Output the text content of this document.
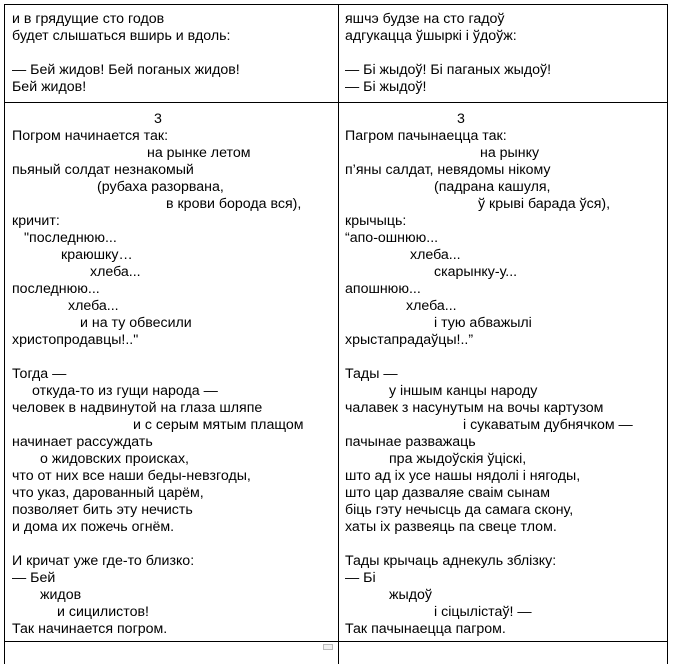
и в грядущие сто годов
будет слышаться вширь и вдоль:
— Бей жидов! Бей поганых жидов!
Бей жидов!
яшчэ будзе на сто гадоў
адгукацца ўшыркі і ўдоўж:
— Бі жыдоў! Бі паганых жыдоў!
— Бі жыдоў!
3
Погром начинается так:
на рынке летом
пьяный солдат незнакомый
(рубаха разорвана,
в крови борода вся),
кричит:
"последнюю...
краюшку…
хлеба...
последнюю...
хлеба...
и на ту обвесили
христопродавцы!.."
Тогда —
откуда-то из гущи народа —
человек в надвинутой на глаза шляпе
и с серым мятым плащом
начинает рассуждать
о жидовских происках,
что от них все наши беды-невзгоды,
что указ, дарованный царём,
позволяет бить эту нечисть
и дома их пожечь огнём.
И кричат уже где-то близко:
— Бей
жидов
и сицилистов!
Так начинается погром.
3
Пагром пачынаецца так:
на рынку
п’яны салдат, невядомы нікому
(падрана кашуля,
ў крыві барада ўся),
крычыць:
“апо-ошнюю...
хлеба...
скарынку-у...
апошнюю...
хлеба...
і тую абважылі
хрыстапрадаўцы!..”
Тады —
у іншым канцы народу
чалавек з насунутым на вочы картузом
і сукаватым дубнячком —
пачынае разважаць
пра жыдоўскія ўціскі,
што ад іх усе нашы нядолі і нягоды,
што цар дазваляе сваім сынам
біць гэту нечысць да самага скону,
хаты іх развеяць па свеце тлом.
Тады крычаць аднекуль зблізку:
— Бі
жыдоў
і сіцылістаў! —
Так пачынаецца пагром.
